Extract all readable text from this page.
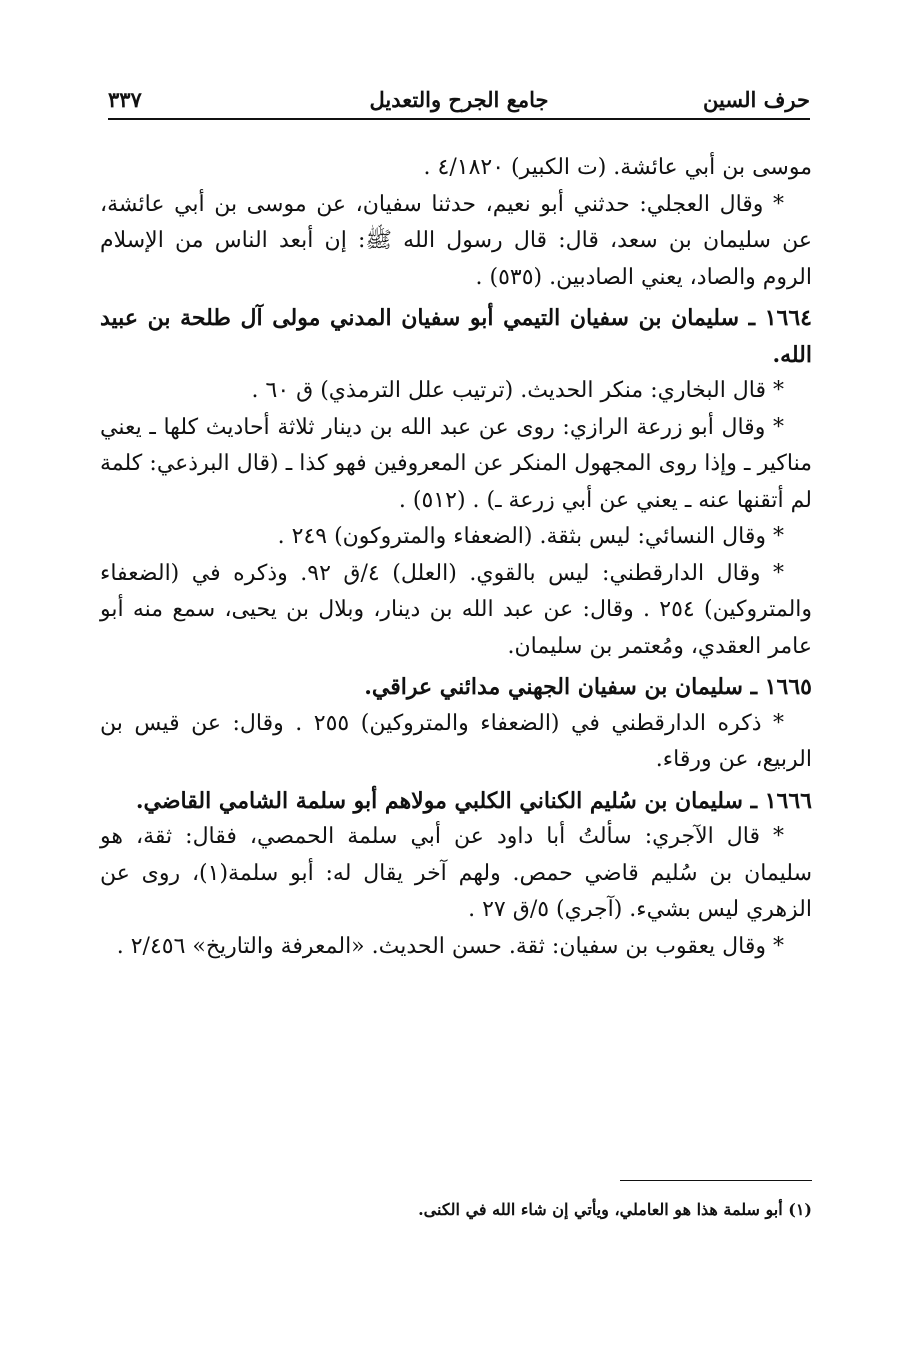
حرف السين
جامع الجرح والتعديل
٣٣٧

موسى بن أبي عائشة. (ت الكبير) ٤/١٨٢٠ .

* وقال العجلي: حدثني أبو نعيم، حدثنا سفيان، عن موسى بن أبي عائشة، عن سليمان بن سعد، قال: قال رسول الله ﷺ: إن أبعد الناس من الإسلام الروم والصاد، يعني الصادبين. (٥٣٥) .

١٦٦٤ ـ سليمان بن سفيان التيمي أبو سفيان المدني مولى آل طلحة بن عبيد الله.

* قال البخاري: منكر الحديث. (ترتيب علل الترمذي) ق ٦٠ .

* وقال أبو زرعة الرازي: روى عن عبد الله بن دينار ثلاثة أحاديث كلها ـ يعني مناكير ـ وإذا روى المجهول المنكر عن المعروفين فهو كذا ـ (قال البرذعي: كلمة لم أتقنها عنه ـ يعني عن أبي زرعة ـ) . (٥١٢) .

* وقال النسائي: ليس بثقة. (الضعفاء والمتروكون) ٢٤٩ .

* وقال الدارقطني: ليس بالقوي. (العلل) ٤/ق ٩٢. وذكره في (الضعفاء والمتروكين) ٢٥٤ . وقال: عن عبد الله بن دينار، وبلال بن يحيى، سمع منه أبو عامر العقدي، ومُعتمر بن سليمان.

١٦٦٥ ـ سليمان بن سفيان الجهني مدائني عراقي.

* ذكره الدارقطني في (الضعفاء والمتروكين) ٢٥٥ . وقال: عن قيس بن الربيع، عن ورقاء.

١٦٦٦ ـ سليمان بن سُليم الكناني الكلبي مولاهم أبو سلمة الشامي القاضي.

* قال الآجري: سألتُ أبا داود عن أبي سلمة الحمصي، فقال: ثقة، هو سليمان بن سُليم قاضي حمص. ولهم آخر يقال له: أبو سلمة(١)، روى عن الزهري ليس بشيء. (آجري) ٥/ق ٢٧ .

* وقال يعقوب بن سفيان: ثقة. حسن الحديث. «المعرفة والتاريخ» ٢/٤٥٦ .

(١) أبو سلمة هذا هو العاملي، ويأتي إن شاء الله في الكنى.
